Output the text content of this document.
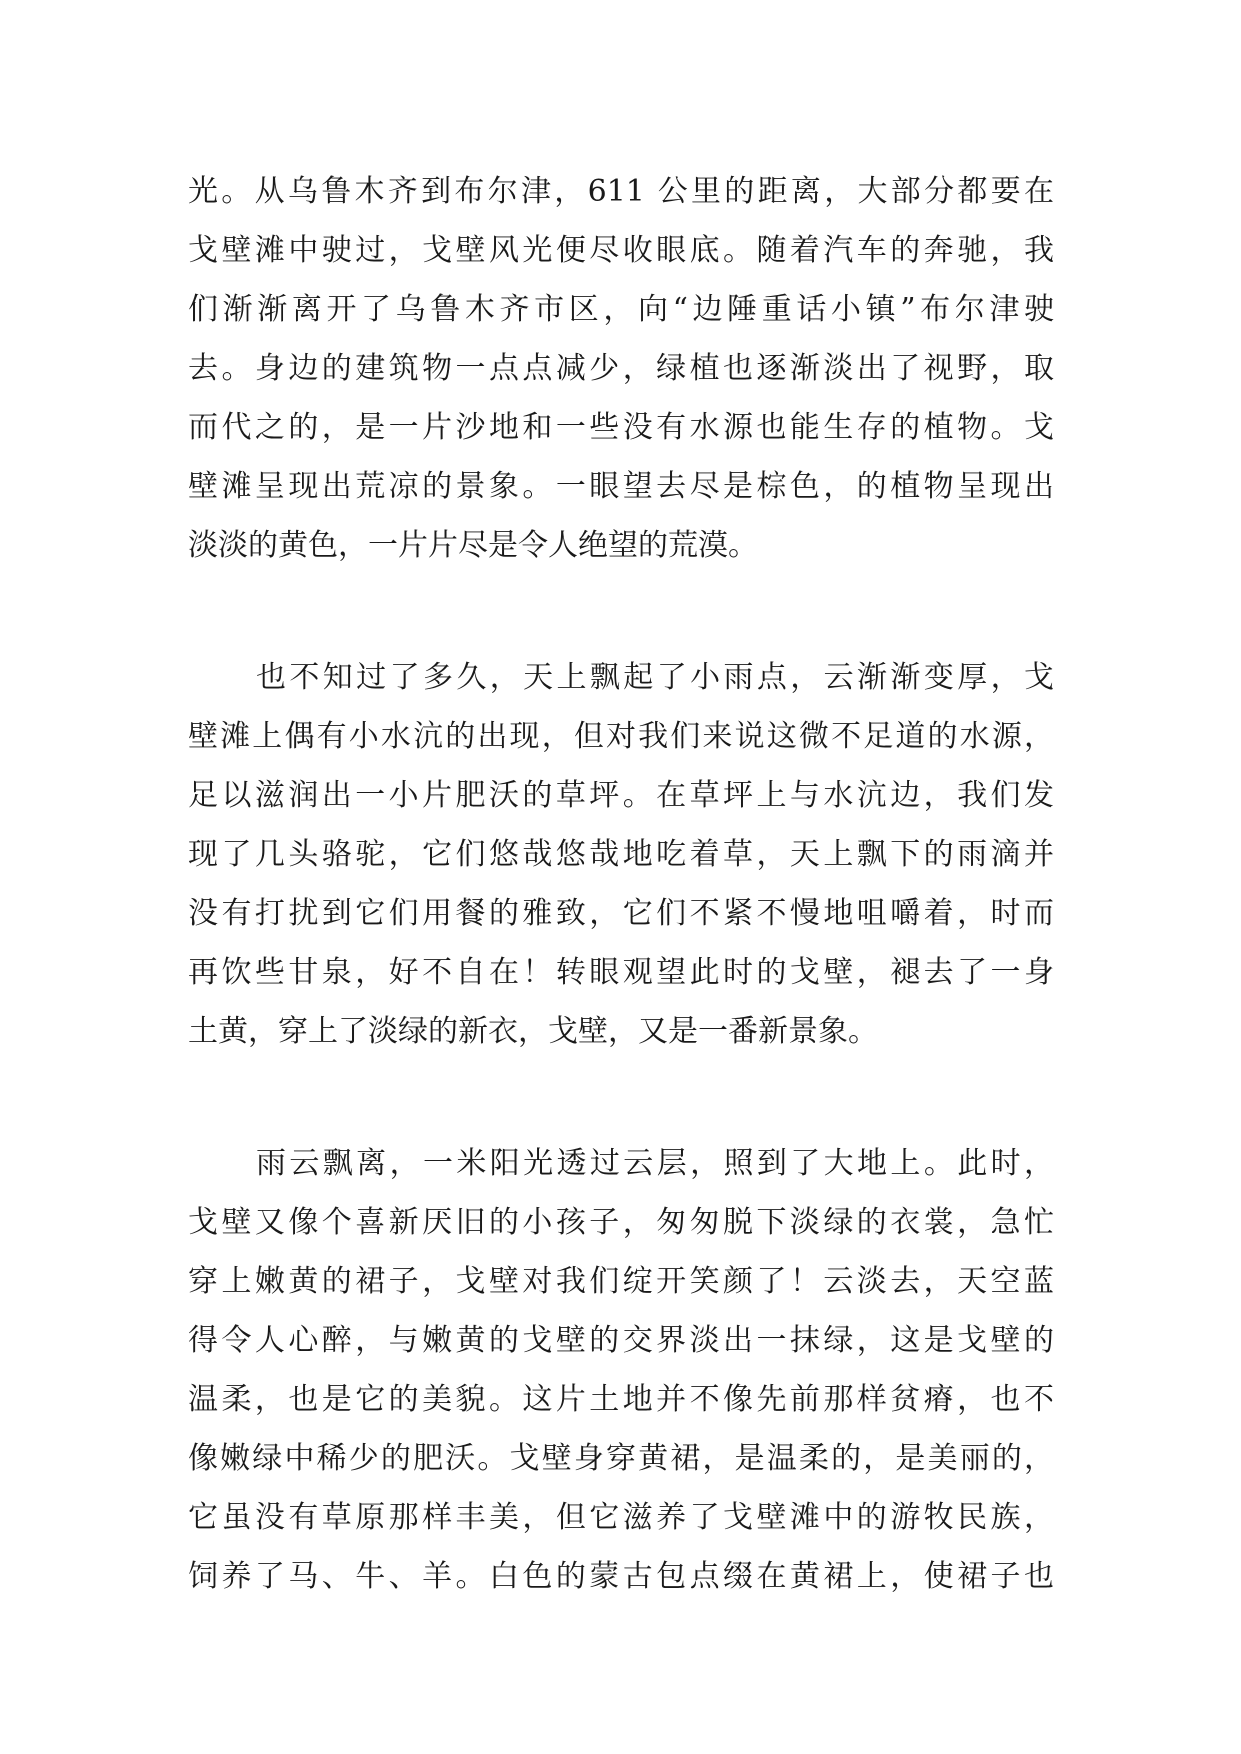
光。从乌鲁木齐到布尔津，611 公里的距离，大部分都要在
戈壁滩中驶过，戈壁风光便尽收眼底。随着汽车的奔驰，我
们渐渐离开了乌鲁木齐市区，向“边陲重话小镇”布尔津驶
去。身边的建筑物一点点减少，绿植也逐渐淡出了视野，取
而代之的，是一片沙地和一些没有水源也能生存的植物。戈
壁滩呈现出荒凉的景象。一眼望去尽是棕色，的植物呈现出
淡淡的黄色，一片片尽是令人绝望的荒漠。
也不知过了多久，天上飘起了小雨点，云渐渐变厚，戈
壁滩上偶有小水沆的出现，但对我们来说这微不足道的水源，
足以滋润出一小片肥沃的草坪。在草坪上与水沆边，我们发
现了几头骆驼，它们悠哉悠哉地吃着草，天上飘下的雨滴并
没有打扰到它们用餐的雅致，它们不紧不慢地咀嚼着，时而
再饮些甘泉，好不自在！转眼观望此时的戈壁，褪去了一身
土黄，穿上了淡绿的新衣，戈壁，又是一番新景象。
雨云飘离，一米阳光透过云层，照到了大地上。此时，
戈壁又像个喜新厌旧的小孩子，匆匆脱下淡绿的衣裳，急忙
穿上嫩黄的裙子，戈壁对我们绽开笑颜了！云淡去，天空蓝
得令人心醉，与嫩黄的戈壁的交界淡出一抹绿，这是戈壁的
温柔，也是它的美貌。这片土地并不像先前那样贫瘠，也不
像嫩绿中稀少的肥沃。戈壁身穿黄裙，是温柔的，是美丽的，
它虽没有草原那样丰美，但它滋养了戈壁滩中的游牧民族，
饲养了马、牛、羊。白色的蒙古包点缀在黄裙上，使裙子也
